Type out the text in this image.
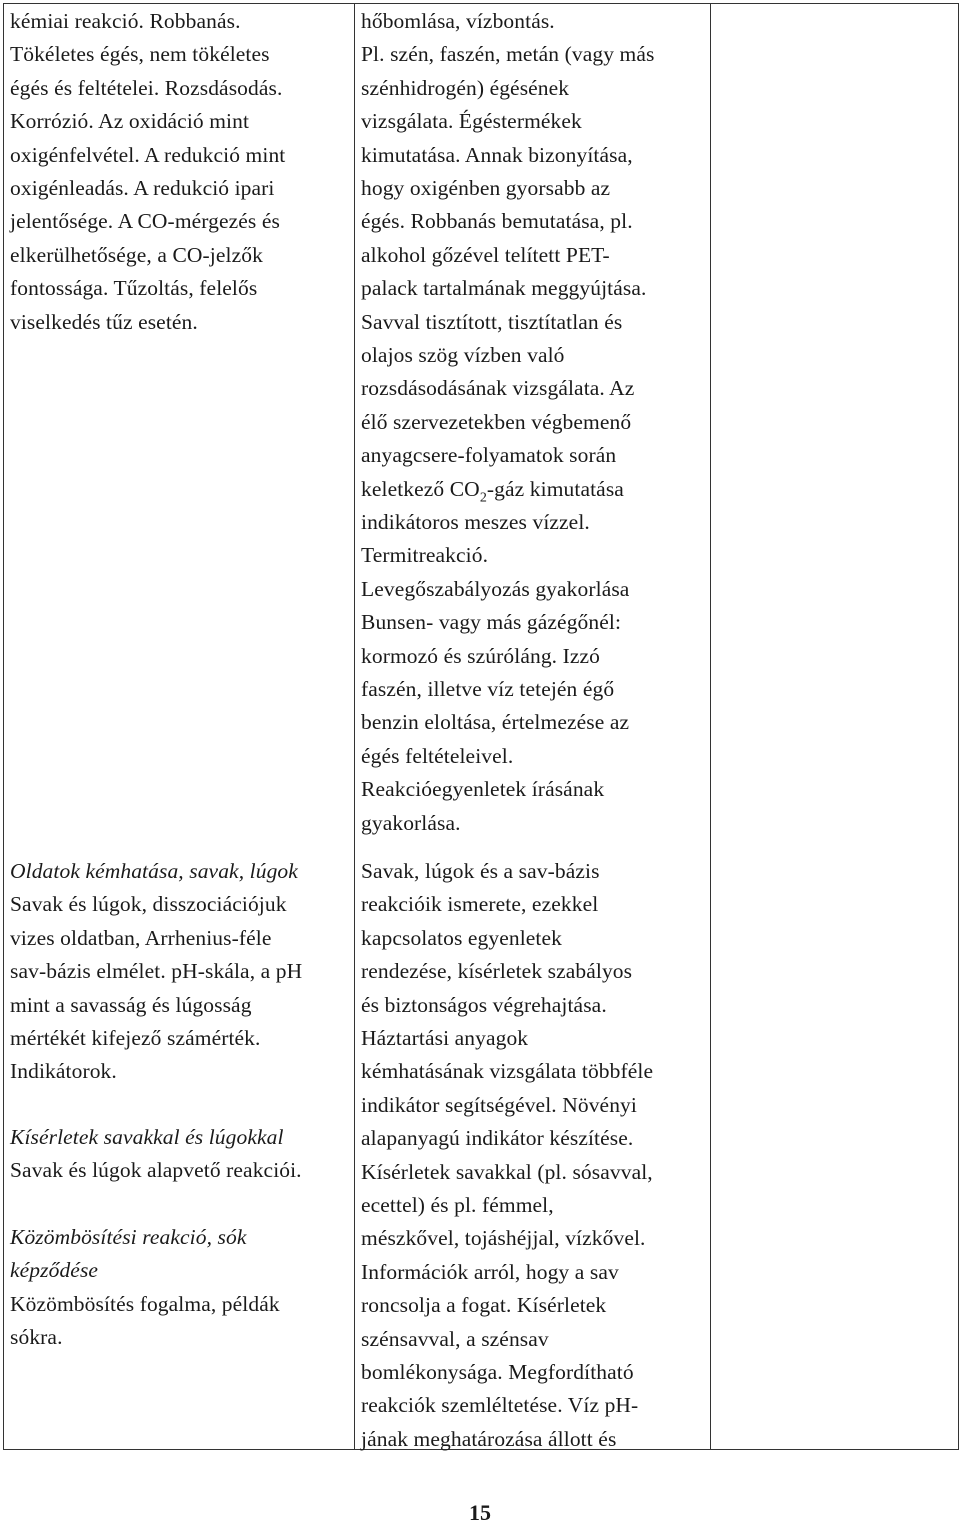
kémiai reakció. Robbanás.
Tökéletes égés, nem tökéletes
égés és feltételei. Rozsdásodás.
Korrózió. Az oxidáció mint
oxigénfelvétel. A redukció mint
oxigénleadás. A redukció ipari
jelentősége. A CO-mérgezés és
elkerülhetősége, a CO-jelzők
fontossága. Tűzoltás, felelős
viselkedés tűz esetén.
Oldatok kémhatása, savak, lúgok
Savak és lúgok, disszociációjuk
vizes oldatban, Arrhenius-féle
sav-bázis elmélet. pH-skála, a pH
mint a savasság és lúgosság
mértékét kifejező számérték.
Indikátorok.
Kísérletek savakkal és lúgokkal
Savak és lúgok alapvető reakciói.
Közömbösítési reakció, sók
képződése
Közömbösítés fogalma, példák
sókra.
hőbomlása, vízbontás.
Pl. szén, faszén, metán (vagy más
szénhidrogén) égésének
vizsgálata. Égéstermékek
kimutatása. Annak bizonyítása,
hogy oxigénben gyorsabb az
égés. Robbanás bemutatása, pl.
alkohol gőzével telített PET-
palack tartalmának meggyújtása.
Savval tisztított, tisztítatlan és
olajos szög vízben való
rozsdásodásának vizsgálata. Az
élő szervezetekben végbemenő
anyagcsere-folyamatok során
keletkező $CO_2$-gáz kimutatása
indikátoros meszes vízzel.
Termitreakció.
Levegőszabályozás gyakorlása
Bunsen- vagy más gázégőnél:
kormozó és szúróláng. Izzó
faszén, illetve víz tetején égő
benzin eloltása, értelmezése az
égés feltételeivel.
Reakcióegyenletek írásának
gyakorlása.
Savak, lúgok és a sav-bázis
reakcióik ismerete, ezekkel
kapcsolatos egyenletek
rendezése, kísérletek szabályos
és biztonságos végrehajtása.
Háztartási anyagok
kémhatásának vizsgálata többféle
indikátor segítségével. Növényi
alapanyagú indikátor készítése.
Kísérletek savakkal (pl. sósavval,
ecettel) és pl. fémmel,
mészkővel, tojáshéjjal, vízkővel.
Információk arról, hogy a sav
roncsolja a fogat. Kísérletek
szénsavval, a szénsav
bomlékonysága. Megfordítható
reakciók szemléltetése. Víz pH-
jának meghatározása állott és
15
